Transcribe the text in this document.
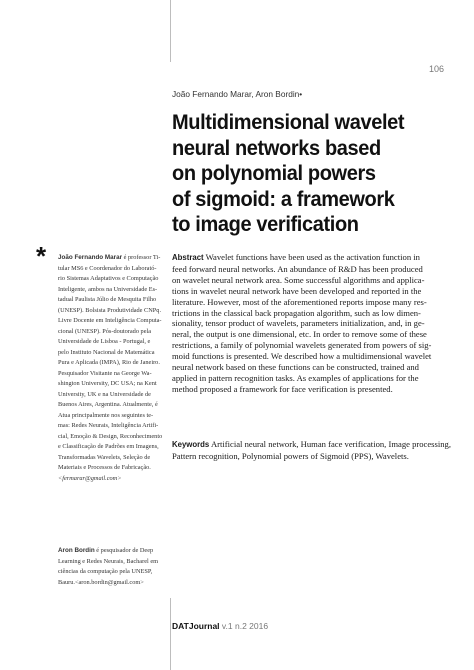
106
João Fernando Marar, Aron Bordin•
Multidimensional wavelet
neural networks based
on polynomial powers
of sigmoid: a framework
to image verification
* João Fernando Marar é professor Ti-
tular MS6 e Coordenador do Laborató-
rio Sistemas Adaptativos e Computação
Inteligente, ambos na Universidade Es-
tadual Paulista Júlio de Mesquita Filho
(UNESP). Bolsista Produtividade CNPq.
Livre Docente em Inteligência Computa-
cional (UNESP). Pós-doutorado pela
Universidade de Lisboa - Portugal, e
pelo Instituto Nacional de Matemática
Pura e Aplicada (IMPA), Rio de Janeiro.
Pesquisador Visitante na George Wa-
shington University, DC USA; na Kent
University, UK e na Universidade de
Buenos Aires, Argentina. Atualmente, é
Atua principalmente nos seguintes te-
mas: Redes Neurais, Inteligência Artifi-
cial, Emoção & Design, Reconhecimento
e Classificação de Padrões em Imagens,
Transformadas Wavelets, Seleção de
Materiais e Processos de Fabricação.
<fermarar@gmail.com>
Aron Bordin é pesquisador de Deep
Learning e Redes Neurais, Bacharel em
ciências da computação pela UNESP,
Bauru.<aron.bordin@gmail.com>
Abstract Wavelet functions have been used as the activation function in
feed forward neural networks. An abundance of R&D has been produced
on wavelet neural network area. Some successful algorithms and applica-
tions in wavelet neural network have been developed and reported in the
literature. However, most of the aforementioned reports impose many res-
trictions in the classical back propagation algorithm, such as low dimen-
sionality, tensor product of wavelets, parameters initialization, and, in ge-
neral, the output is one dimensional, etc. In order to remove some of these
restrictions, a family of polynomial wavelets generated from powers of sig-
moid functions is presented. We described how a multidimensional wavelet
neural network based on these functions can be constructed, trained and
applied in pattern recognition tasks. As examples of applications for the
method proposed a framework for face verification is presented.
Keywords Artificial neural network, Human face verification, Image processing,
Pattern recognition, Polynomial powers of Sigmoid (PPS), Wavelets.
DATJournal v.1 n.2 2016
